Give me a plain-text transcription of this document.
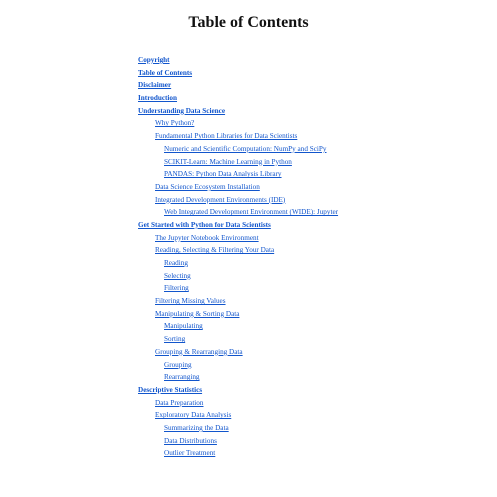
Table of Contents
Copyright
Table of Contents
Disclaimer
Introduction
Understanding Data Science
Why Python?
Fundamental Python Libraries for Data Scientists
Numeric and Scientific Computation: NumPy and SciPy
SCIKIT-Learn: Machine Learning in Python
PANDAS: Python Data Analysis Library
Data Science Ecosystem Installation
Integrated Development Environments (IDE)
Web Integrated Development Environment (WIDE): Jupyter
Get Started with Python for Data Scientists
The Jupyter Notebook Environment
Reading, Selecting & Filtering Your Data
Reading
Selecting
Filtering
Filtering Missing Values
Manipulating & Sorting Data
Manipulating
Sorting
Grouping & Rearranging Data
Grouping
Rearranging
Descriptive Statistics
Data Preparation
Exploratory Data Analysis
Summarizing the Data
Data Distributions
Outlier Treatment
